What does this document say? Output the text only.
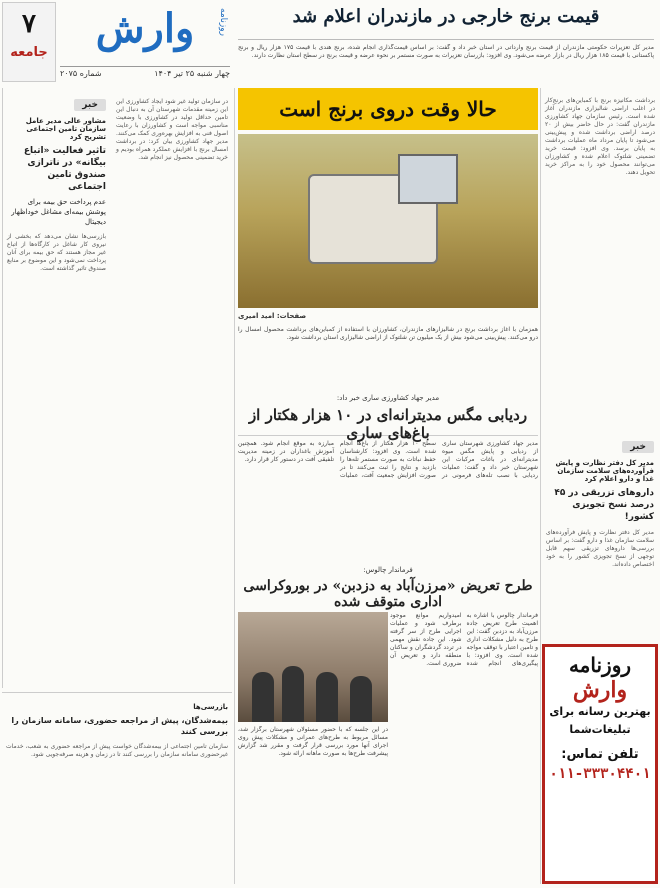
۷
جامعه
وارش	روزنامه
چهار شنبه ۲۵ تیر ۱۴۰۴
شماره ۲۰۷۵
قیمت برنج خارجی در مازندران اعلام شد
مدیر کل تعزیرات حکومتی مازندران از قیمت برنج وارداتی در استان خبر داد و گفت: بر اساس قیمت‌گذاری انجام شده، برنج هندی با قیمت ۱۷۵ هزار ریال و برنج پاکستانی با قیمت ۱۸۵ هزار ریال در بازار عرضه می‌شود. وی افزود: بازرسان تعزیرات به صورت مستمر بر نحوه عرضه و قیمت برنج در سطح استان نظارت دارند.
خبر
مشاور عالی مدیر عامل سازمان تامین اجتماعی تشریح کرد
تاثیر فعالیت «اتباع بیگانه» در ناترازی صندوق تامین اجتماعی
عدم پرداخت حق بیمه برای پوشش بیمه‌ای مشاغل خوداظهار دیجیتال
بازرسی‌ها نشان می‌دهد که بخشی از نیروی کار شاغل در کارگاه‌ها از اتباع غیر مجاز هستند که حق بیمه برای آنان پرداخت نمی‌شود و این موضوع بر منابع صندوق تاثیر گذاشته است.
در سازمان تولید غیر شود ایجاد کشاورزی این این زمینه مقدمات شهرستان آن به دنبال این تامین حداقل تولید در کشاورزی با وضعیت مناسبی مواجه است و کشاورزان با رعایت اصول فنی به افزایش بهره‌وری کمک می‌کنند. مدیر جهاد کشاورزی بیان کرد: در برداشت امسال برنج با افزایش عملکرد همراه بودیم و خرید تضمینی محصول نیز انجام شد.
حالا وقت دروی برنج است
صفحات: امید امیری
همزمان با آغاز برداشت برنج در شالیزارهای مازندران، کشاورزان با استفاده از کمباین‌های برداشت محصول امسال را درو می‌کنند. پیش‌بینی می‌شود بیش از یک میلیون تن شلتوک از اراضی شالیزاری استان برداشت شود.
برداشت مکانیزه برنج با کمباین‌های برنج‌کار در اغلب اراضی شالیزاری مازندران آغاز شده است. رئیس سازمان جهاد کشاورزی مازندران گفت: در حال حاضر بیش از ۲۰ درصد اراضی برداشت شده و پیش‌بینی می‌شود تا پایان مرداد ماه عملیات برداشت به پایان برسد. وی افزود: قیمت خرید تضمینی شلتوک اعلام شده و کشاورزان می‌توانند محصول خود را به مراکز خرید تحویل دهند.
خبر
مدیر کل دفتر نظارت و پایش فرآورده‌های سلامت سازمان غذا و دارو اعلام کرد
داروهای تزریقی در ۴۵ درصد نسخ تجویزی کشور!
مدیر کل دفتر نظارت و پایش فرآورده‌های سلامت سازمان غذا و دارو گفت: بر اساس بررسی‌ها داروهای تزریقی سهم قابل توجهی از نسخ تجویزی کشور را به خود اختصاص داده‌اند.
مدیر جهاد کشاورزی ساری خبر داد:
ردیابی مگس مدیترانه‌ای در ۱۰ هزار هکتار از باغ‌های ساری
مدیر جهاد کشاورزی شهرستان ساری از ردیابی و پایش مگس میوه مدیترانه‌ای در باغات مرکبات این شهرستان خبر داد و گفت: عملیات ردیابی با نصب تله‌های فرمونی در سطح ۱۰ هزار هکتار از باغ‌ها انجام شده است. وی افزود: کارشناسان حفظ نباتات به صورت مستمر تله‌ها را بازدید و نتایج را ثبت می‌کنند تا در صورت افزایش جمعیت آفت، عملیات مبارزه به موقع انجام شود. همچنین آموزش باغداران در زمینه مدیریت تلفیقی آفت در دستور کار قرار دارد.
فرماندار چالوس:
طرح تعریض «مرزن‌آباد به دزدبن» در بوروکراسی اداری متوقف شده
فرماندار چالوس با اشاره به اهمیت طرح تعریض جاده مرزن‌آباد به دزدبن گفت: این طرح به دلیل مشکلات اداری و تامین اعتبار با توقف مواجه شده است. وی افزود: با پیگیری‌های انجام شده امیدواریم موانع موجود برطرف شود و عملیات اجرایی طرح از سر گرفته شود. این جاده نقش مهمی در تردد گردشگران و ساکنان منطقه دارد و تعریض آن ضروری است.
در این جلسه که با حضور مسئولان شهرستان برگزار شد، مسائل مربوط به طرح‌های عمرانی و مشکلات پیش روی اجرای آنها مورد بررسی قرار گرفت و مقرر شد گزارش پیشرفت طرح‌ها به صورت ماهانه ارائه شود.
بازرسی‌ها
بیمه‌شدگان، پیش از مراجعه حضوری، سامانه سازمان را بررسی کنند
سازمان تامین اجتماعی از بیمه‌شدگان خواست پیش از مراجعه حضوری به شعب، خدمات غیرحضوری سامانه سازمان را بررسی کنند تا در زمان و هزینه صرفه‌جویی شود.
روزنامه
وارش
بهترین رسانه برای
تبلیغات‌شما
تلفن تماس:
۰۱۱-۳۳۳۰۴۴۰۱
